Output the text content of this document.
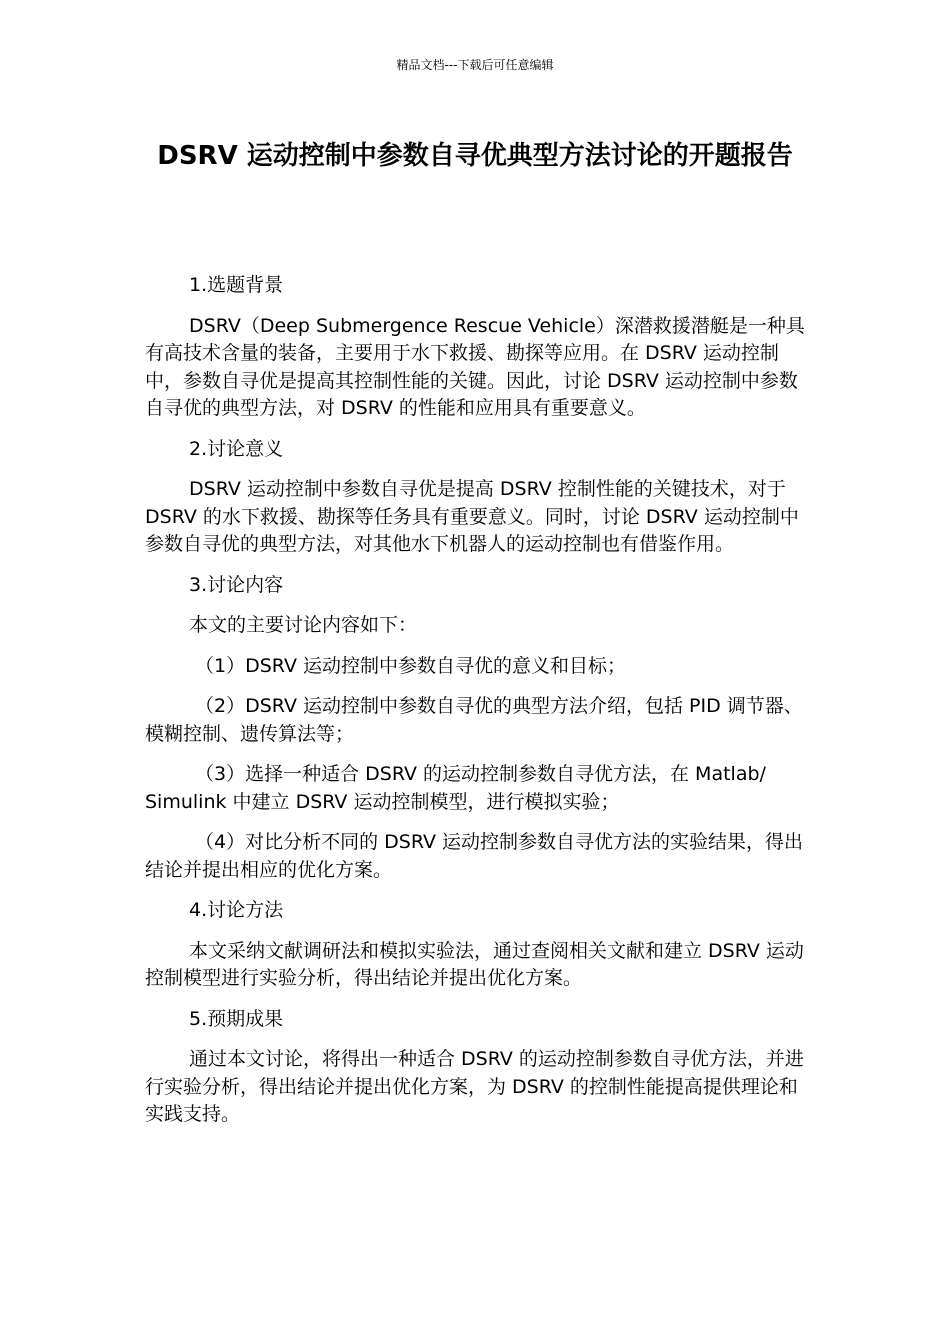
精品文档---下载后可任意编辑
DSRV 运动控制中参数自寻优典型方法讨论的开题报告

1.选题背景

DSRV（Deep Submergence Rescue Vehicle）深潜救援潜艇是一种具有高技术含量的装备，主要用于水下救援、勘探等应用。在 DSRV 运动控制中，参数自寻优是提高其控制性能的关键。因此，讨论 DSRV 运动控制中参数自寻优的典型方法，对 DSRV 的性能和应用具有重要意义。

2.讨论意义

DSRV 运动控制中参数自寻优是提高 DSRV 控制性能的关键技术，对于 DSRV 的水下救援、勘探等任务具有重要意义。同时，讨论 DSRV 运动控制中参数自寻优的典型方法，对其他水下机器人的运动控制也有借鉴作用。

3.讨论内容

本文的主要讨论内容如下：

（1）DSRV 运动控制中参数自寻优的意义和目标；

（2）DSRV 运动控制中参数自寻优的典型方法介绍，包括 PID 调节器、模糊控制、遗传算法等；

（3）选择一种适合 DSRV 的运动控制参数自寻优方法，在 Matlab/ Simulink 中建立 DSRV 运动控制模型，进行模拟实验；

（4）对比分析不同的 DSRV 运动控制参数自寻优方法的实验结果，得出结论并提出相应的优化方案。

4.讨论方法

本文采纳文献调研法和模拟实验法，通过查阅相关文献和建立 DSRV 运动控制模型进行实验分析，得出结论并提出优化方案。

5.预期成果

通过本文讨论，将得出一种适合 DSRV 的运动控制参数自寻优方法，并进行实验分析，得出结论并提出优化方案，为 DSRV 的控制性能提高提供理论和实践支持。
